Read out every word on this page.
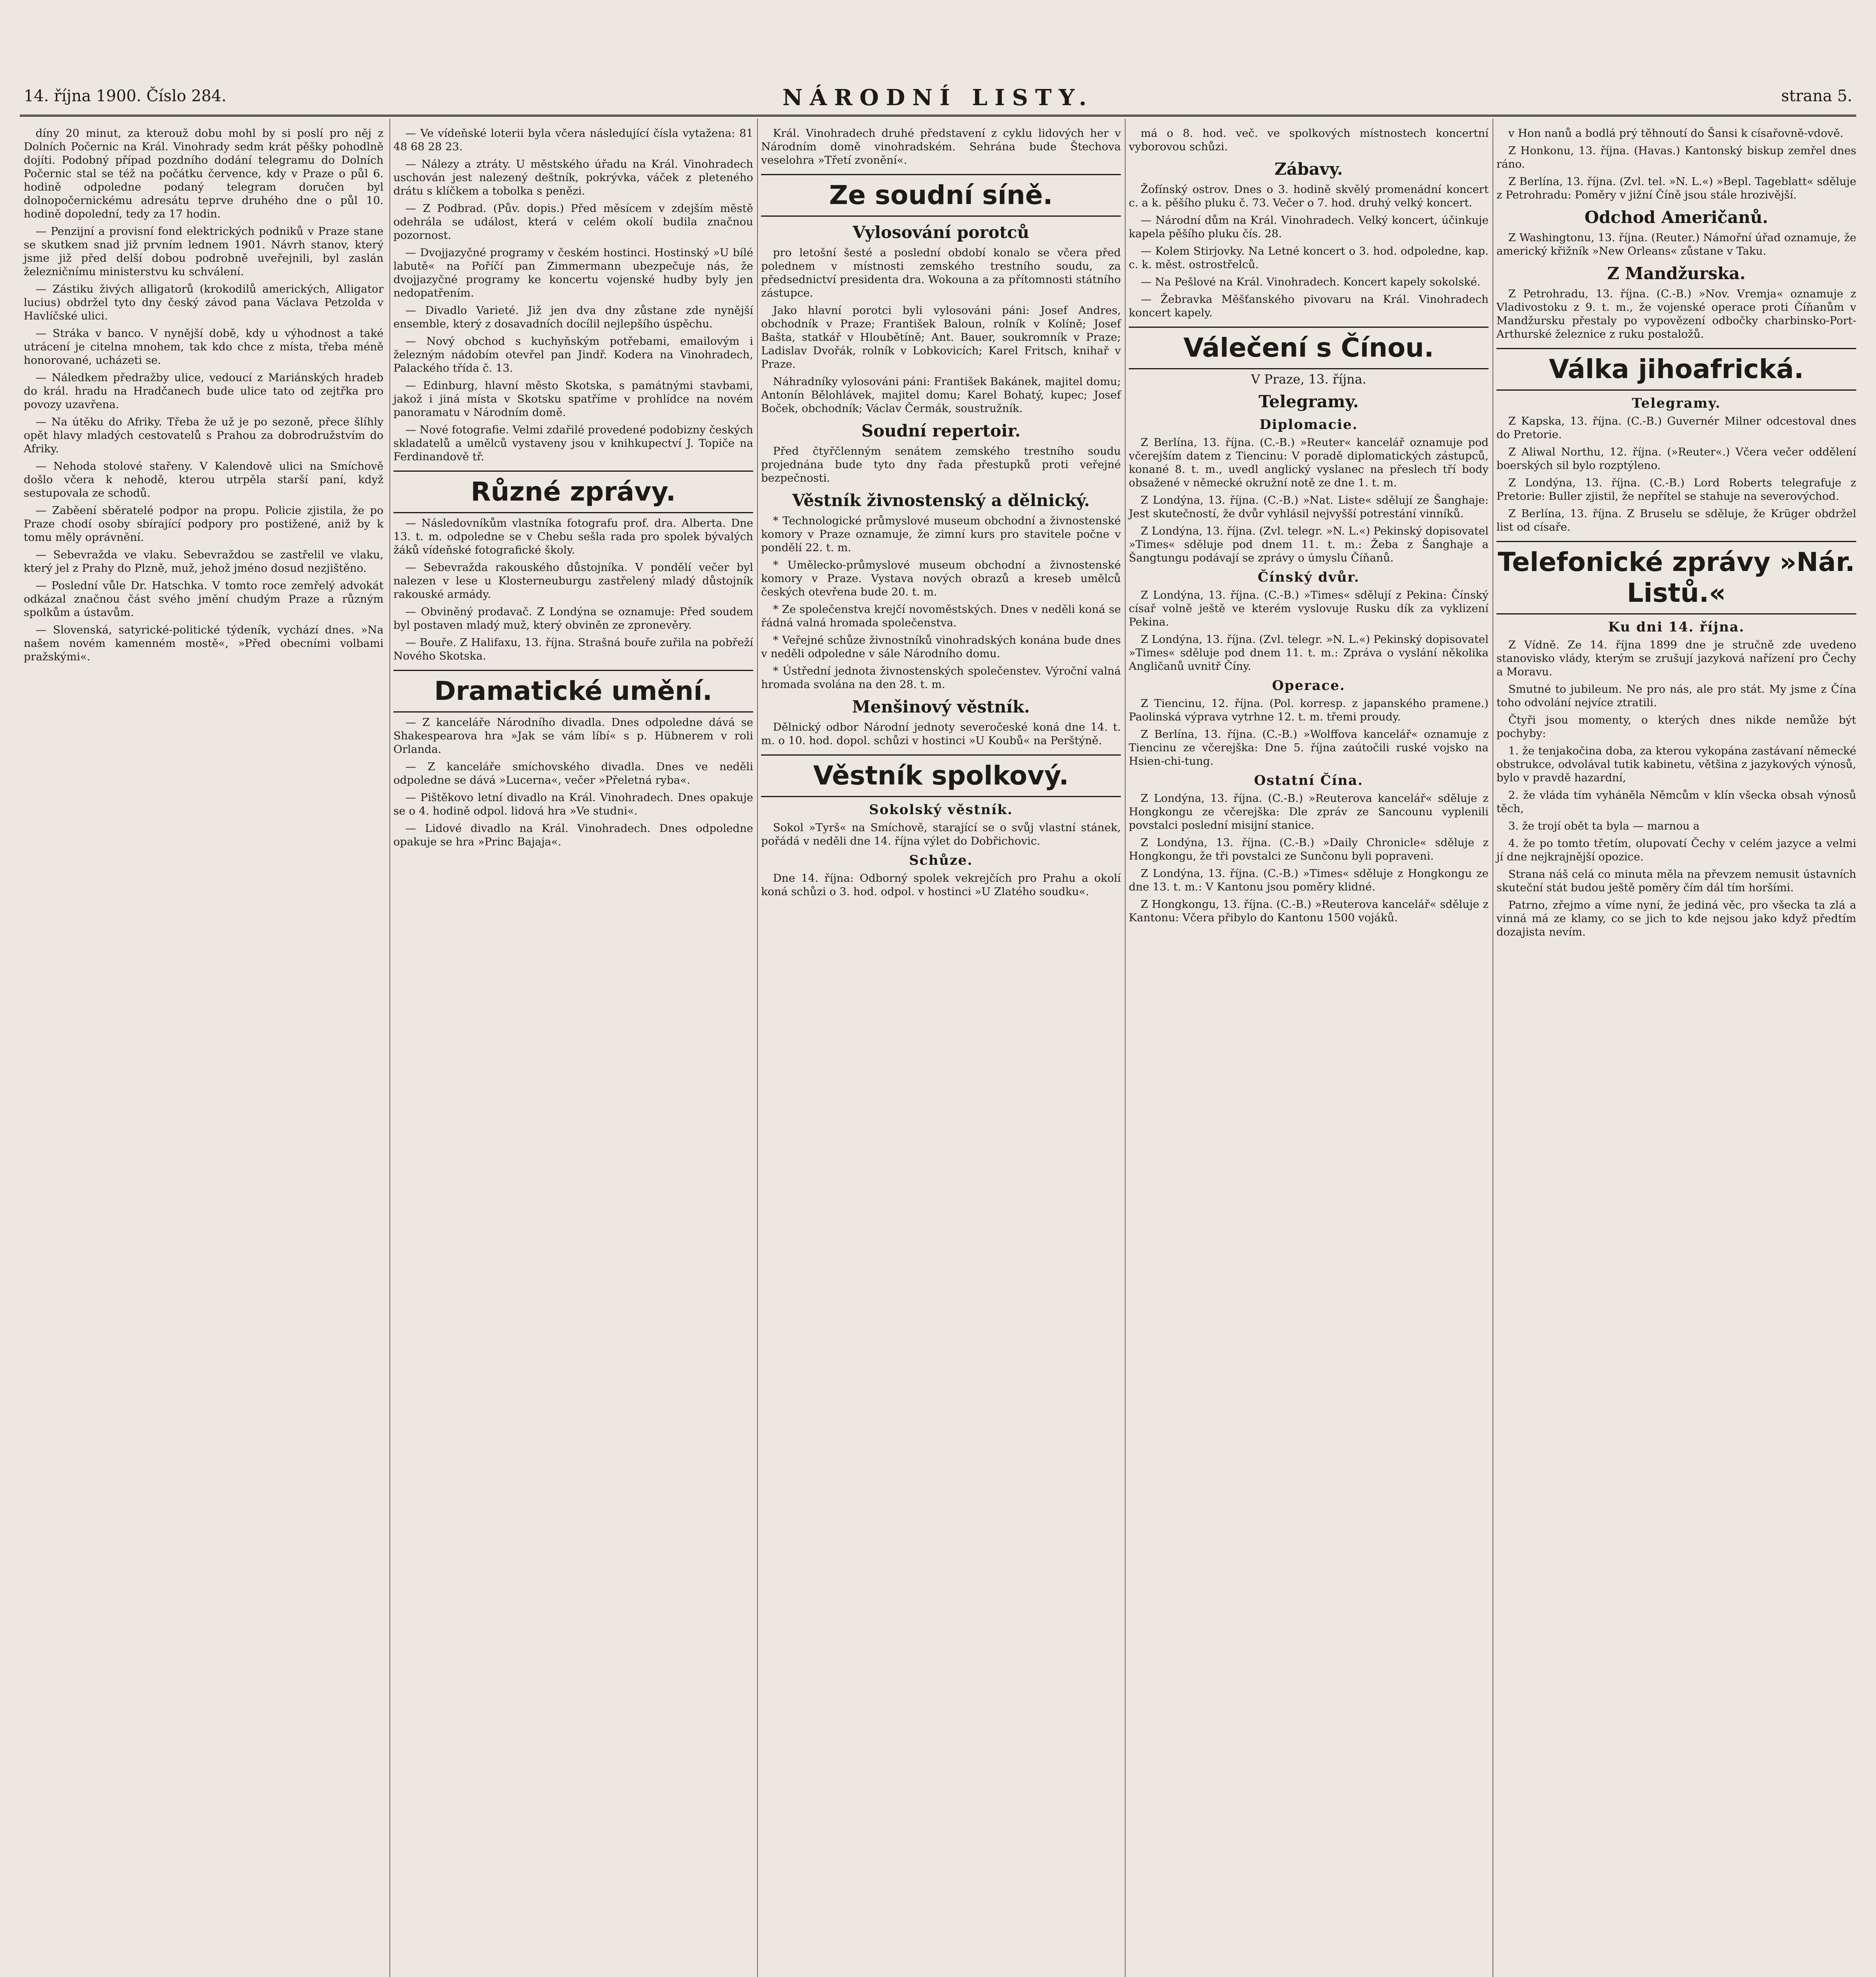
14. října 1900. Číslo 284.	NÁRODNÍ LISTY.	strana 5.

díny 20 minut, za kterouž dobu mohl by si poslí pro něj z Dolních Počernic na Král. Vinohrady sedm krát pěšky pohodlně dojíti. Podobný případ pozdního dodání telegramu do Dolních Počernic stal se též na počátku července, kdy v Praze o půl 6. hodině odpoledne podaný telegram doručen byl dolnopočernickému adresátu teprve druhého dne o půl 10. hodině dopolední, tedy za 17 hodin.

— Penzijní a provisní fond elektrických podniků v Praze stane se skutkem snad již prvním lednem 1901. Návrh stanov, který jsme již před delší dobou podrobně uveřejnili, byl zaslán železničnímu ministerstvu ku schválení.

— Zástiku živých alligatorů (krokodilů amerických, Alligator lucius) obdržel tyto dny český závod pana Václava Petzolda v Havlíčské ulici.

— Stráka v banco. V nynější době, kdy u výhodnost a také utrácení je citelna mnohem, tak kdo chce z místa, třeba méně honorované, ucházeti se.

— Náledkem předražby ulice, vedoucí z Mariánských hradeb do král. hradu na Hradčanech bude ulice tato od zejtřka pro povozy uzavřena.

— Na útěku do Afriky. Třeba že už je po sezoně, přece šlíhly opět hlavy mladých cestovatelů s Prahou za dobrodružstvím do Afriky.

— Nehoda stolové stařeny. V Kalendově ulici na Smíchově došlo včera k nehodě, kterou utrpěla starší paní, když sestupovala ze schodů.

— Zaběení sběratelé podpor na propu. Policie zjistila, že po Praze chodí osoby sbírající podpory pro postižené, aniž by k tomu měly oprávnění.

— Sebevražda ve vlaku. Sebevraždou se zastřelil ve vlaku, který jel z Prahy do Plzně, muž, jehož jméno dosud nezjištěno.

— Poslední vůle Dr. Hatschka. V tomto roce zemřelý advokát odkázal značnou část svého jmění chudým Praze a různým spolkům a ústavům.

— Slovenská, satyrické-politické týdeník, vychází dnes. »Na našem novém kamenném mostě«, »Před obecními volbami pražskými«.

— Ve vídeňské loterii byla včera následující čísla vytažena: 81 48 68 28 23.

— Nálezy a ztráty. U městského úřadu na Král. Vinohradech uschován jest nalezený deštník, pokrývka, váček z pleteného drátu s klíčkem a tobolka s penězi.

— Z Podbrad. (Pův. dopis.) Před měsícem v zdejším městě odehrála se událost, která v celém okolí budila značnou pozornost.

— Dvojjazyčné programy v českém hostinci. Hostinský »U bílé labutě« na Poříčí pan Zimmermann ubezpečuje nás, že dvojjazyčné programy ke koncertu vojenské hudby byly jen nedopatřením.

— Divadlo Varieté. Již jen dva dny zůstane zde nynější ensemble, který z dosavadních docílil nejlepšího úspěchu.

— Nový obchod s kuchyňským potřebami, emailovým i železným nádobím otevřel pan Jindř. Kodera na Vinohradech, Palackého třída č. 13.

— Edinburg, hlavní město Skotska, s památnými stavbami, jakož i jiná místa v Skotsku spatříme v prohlídce na novém panoramatu v Národním domě.

— Nové fotografie. Velmi zdařilé provedené podobizny českých skladatelů a umělců vystaveny jsou v knihkupectví J. Topiče na Ferdinandově tř.

Různé zprávy.

— Následovníkům vlastníka fotografu prof. dra. Alberta. Dne 13. t. m. odpoledne se v Chebu sešla rada pro spolek bývalých žáků vídeňské fotografické školy.

— Sebevražda rakouského důstojníka. V pondělí večer byl nalezen v lese u Klosterneuburgu zastřelený mladý důstojník rakouské armády.

— Obviněný prodavač. Z Londýna se oznamuje: Před soudem byl postaven mladý muž, který obviněn ze zpronevěry.

— Bouře. Z Halifaxu, 13. října. Strašná bouře zuřila na pobřeží Nového Skotska.

Dramatické umění.

— Z kanceláře Národního divadla. Dnes odpoledne dává se Shakespearova hra »Jak se vám líbí« s p. Hübnerem v roli Orlanda.

— Z kanceláře smíchovského divadla. Dnes ve neděli odpoledne se dává »Lucerna«, večer »Přeletná ryba«.

— Pištěkovo letní divadlo na Král. Vinohradech. Dnes opakuje se o 4. hodině odpol. lidová hra »Ve studni«.

— Lidové divadlo na Král. Vinohradech. Dnes odpoledne opakuje se hra »Princ Bajaja«.

Král. Vinohradech druhé představení z cyklu lidových her v Národním domě vinohradském. Sehrána bude Štechova veselohra »Třetí zvonění«.

Ze soudní síně.
Vylosování porotců

pro letošní šesté a poslední období konalo se včera před polednem v místnosti zemského trestního soudu, za předsednictví presidenta dra. Wokouna a za přítomnosti státního zástupce.

Jako hlavní porotci byli vylosováni páni: Josef Andres, obchodník v Praze; František Baloun, rolník v Kolíně; Josef Bašta, statkář v Hloubětíně; Ant. Bauer, soukromník v Praze; Ladislav Dvořák, rolník v Lobkovicích; Karel Fritsch, knihař v Praze.

Náhradníky vylosováni páni: František Bakánek, majitel domu; Antonín Bělohlávek, majitel domu; Karel Bohatý, kupec; Josef Boček, obchodník; Václav Čermák, soustružník.

Soudní repertoir.

Před čtyřčlenným senátem zemského trestního soudu projednána bude tyto dny řada přestupků proti veřejné bezpečnosti.

Věstník živnostenský a dělnický.

* Technologické průmyslové museum obchodní a živnostenské komory v Praze oznamuje, že zimní kurs pro stavitele počne v pondělí 22. t. m.

* Umělecko-průmyslové museum obchodní a živnostenské komory v Praze. Vystava nových obrazů a kreseb umělců českých otevřena bude 20. t. m.

* Ze společenstva krejčí novoměstských. Dnes v neděli koná se řádná valná hromada společenstva.

* Veřejné schůze živnostníků vinohradských konána bude dnes v neděli odpoledne v sále Národního domu.

* Ústřední jednota živnostenských společenstev. Výroční valná hromada svolána na den 28. t. m.

Menšinový věstník.

Dělnický odbor Národní jednoty severočeské koná dne 14. t. m. o 10. hod. dopol. schůzi v hostinci »U Koubů« na Perštýně.

Věstník spolkový.
Sokolský věstník.

Sokol »Tyrš« na Smíchově, starající se o svůj vlastní stánek, pořádá v neděli dne 14. října výlet do Dobřichovic.

Schůze.

Dne 14. října: Odborný spolek vekrejčích pro Prahu a okolí koná schůzi o 3. hod. odpol. v hostinci »U Zlatého soudku«.

má o 8. hod. več. ve spolkových místnostech koncertní vyborovou schůzi.

Zábavy.

Žofínský ostrov. Dnes o 3. hodině skvělý promenádní koncert c. a k. pěšího pluku č. 73. Večer o 7. hod. druhý velký koncert.

— Národní dům na Král. Vinohradech. Velký koncert, účinkuje kapela pěšího pluku čís. 28.

— Kolem Stirjovky. Na Letné koncert o 3. hod. odpoledne, kap. c. k. měst. ostrostřelců.

— Na Pešlové na Král. Vinohradech. Koncert kapely sokolské.

— Žebravka Měšťanského pivovaru na Král. Vinohradech koncert kapely.

Válečení s Čínou.
V Praze, 13. října.
Telegramy.
Diplomacie.

Z Berlína, 13. října. (C.-B.) »Reuter« kancelář oznamuje pod včerejším datem z Tiencinu: V poradě diplomatických zástupců, konané 8. t. m., uvedl anglický vyslanec na přeslech tří body obsažené v německé okružní notě ze dne 1. t. m.

Z Londýna, 13. října. (C.-B.) »Nat. Liste« sdělují ze Šanghaje: Jest skutečností, že dvůr vyhlásil nejvyšší potrestání vinníků.

Z Londýna, 13. října. (Zvl. telegr. »N. L.«) Pekinský dopisovatel »Times« sděluje pod dnem 11. t. m.: Žeba z Šanghaje a Šangtungu podávají se zprávy o úmyslu Číňanů.

Čínský dvůr.

Z Londýna, 13. října. (C.-B.) »Times« sdělují z Pekina: Čínský císař volně ještě ve kterém vyslovuje Rusku dík za vyklizení Pekina.

Z Londýna, 13. října. (Zvl. telegr. »N. L.«) Pekinský dopisovatel »Times« sděluje pod dnem 11. t. m.: Zpráva o vyslání několika Angličanů uvnitř Číny.

Operace.

Z Tiencinu, 12. října. (Pol. korresp. z japanského pramene.) Paolinská výprava vytrhne 12. t. m. třemi proudy.

Z Berlína, 13. října. (C.-B.) »Wolffova kancelář« oznamuje z Tiencinu ze včerejška: Dne 5. října zaútočili ruské vojsko na Hsien-chi-tung.

Ostatní Čína.

Z Londýna, 13. října. (C.-B.) »Reuterova kancelář« sděluje z Hongkongu ze včerejška: Dle zpráv ze Sancounu vyplenili povstalci poslední misijní stanice.

Z Londýna, 13. října. (C.-B.) »Daily Chronicle« sděluje z Hongkongu, že tři povstalci ze Sunčonu byli popraveni.

Z Londýna, 13. října. (C.-B.) »Times« sděluje z Hongkongu ze dne 13. t. m.: V Kantonu jsou poměry klidné.

Z Hongkongu, 13. října. (C.-B.) »Reuterova kancelář« sděluje z Kantonu: Včera přibylo do Kantonu 1500 vojáků.

v Hon nanů a bodlá prý těhnoutí do Šansi k císařovně-vdově.

Z Honkonu, 13. října. (Havas.) Kantonský biskup zemřel dnes ráno.

Z Berlína, 13. října. (Zvl. tel. »N. L.«) »Bepl. Tageblatt« sděluje z Petrohradu: Poměry v jižní Číně jsou stále hrozivější.

Odchod Američanů.

Z Washingtonu, 13. října. (Reuter.) Námořní úřad oznamuje, že americký křižník »New Orleans« zůstane v Taku.

Z Mandžurska.

Z Petrohradu, 13. října. (C.-B.) »Nov. Vremja« oznamuje z Vladivostoku z 9. t. m., že vojenské operace proti Číňanům v Mandžursku přestaly po vypovězení odbočky charbinsko-Port-Arthurské železnice z ruku postaložů.

Válka jihoafrická.
Telegramy.

Z Kapska, 13. října. (C.-B.) Guvernér Milner odcestoval dnes do Pretorie.

Z Aliwal Northu, 12. října. (»Reuter«.) Včera večer oddělení boerských sil bylo rozptýleno.

Z Londýna, 13. října. (C.-B.) Lord Roberts telegrafuje z Pretorie: Buller zjistil, že nepřítel se stahuje na severovýchod.

Z Berlína, 13. října. Z Bruselu se sděluje, že Krüger obdržel list od císaře.

Telefonické zprávy »Nár. Listů.«
Ku dni 14. října.

Z Vídně. Ze 14. října 1899 dne je stručně zde uvedeno stanovisko vlády, kterým se zrušují jazyková nařízení pro Čechy a Moravu.

Smutné to jubileum. Ne pro nás, ale pro stát. My jsme z Čína toho odvolání nejvíce ztratili.

Čtyři jsou momenty, o kterých dnes nikde nemůže být pochyby:

1. že tenjakočina doba, za kterou vykopána zastávaní německé obstrukce, odvolával tutik kabinetu, většina z jazykových výnosů, bylo v pravdě hazardní,

2. že vláda tím vyháněla Němcům v klín všecka obsah výnosů těch,

3. že trojí obět ta byla — marnou a

4. že po tomto třetím, olupovatí Čechy v celém jazyce a velmi jí dne nejkrajnější opozice.

Strana náš celá co minuta měla na převzem nemusit ústavních skuteční stát budou ještě poměry čím dál tím horšími.

Patrno, zřejmo a víme nyní, že jediná věc, pro všecka ta zlá a vinná má ze klamy, co se jich to kde nejsou jako když předtím dozajista nevím.
